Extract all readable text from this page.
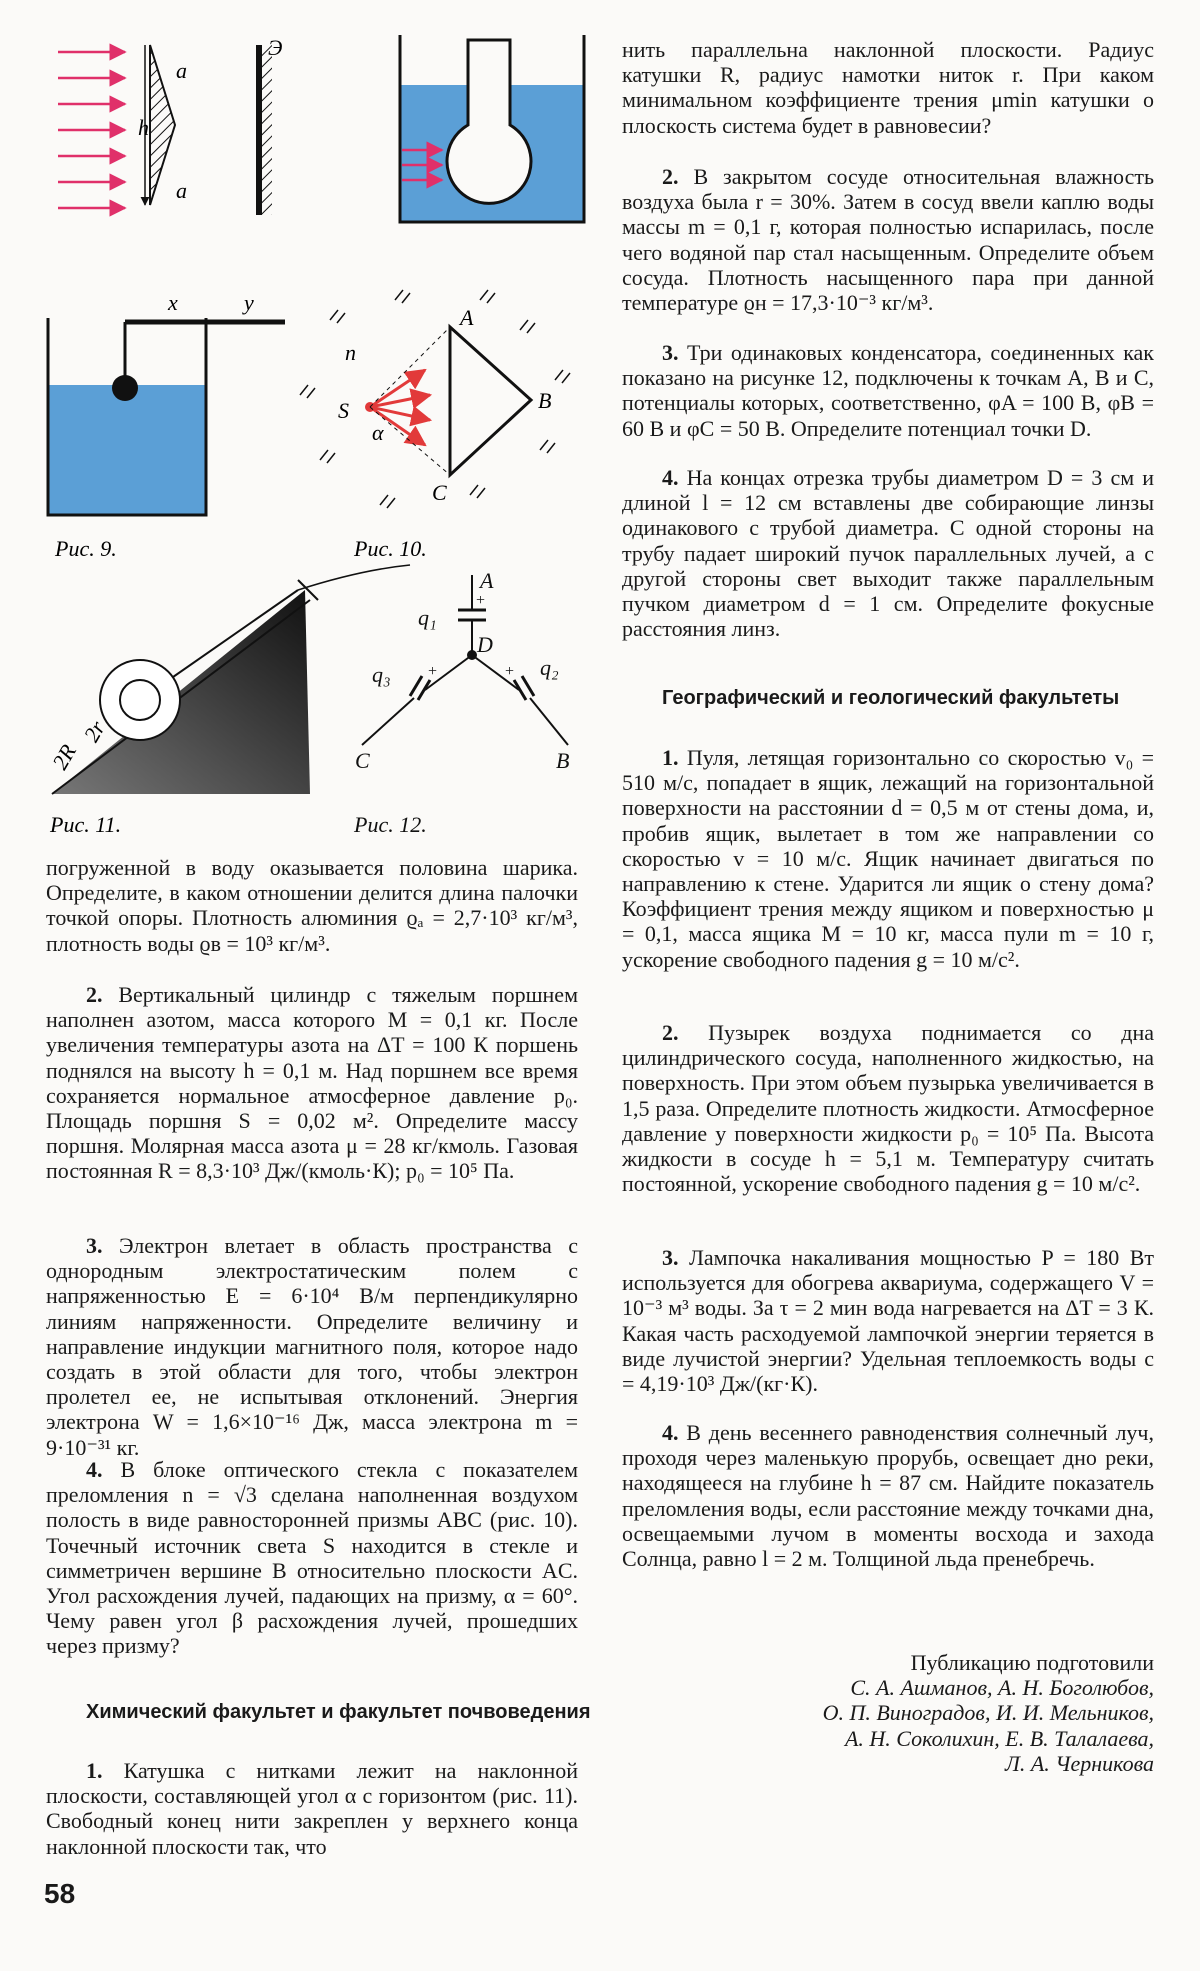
a
h
a
Э
x	y
Рис. 9.
A
B
C
S
α
n
Рис. 10.
2R
2r
Рис. 11.
A
D
C	B
q₁
q₃	q₂
+
+	+
Рис. 12.

погруженной в воду оказывается половина шарика. Определите, в каком отношении делится длина палочки точкой опоры. Плотность алюминия ϱₐ = 2,7·10³ кг/м³, плотность воды ϱв = 10³ кг/м³.

2. Вертикальный цилиндр с тяжелым поршнем наполнен азотом, масса которого M = 0,1 кг. После увеличения температуры азота на ΔT = 100 К поршень поднялся на высоту h = 0,1 м. Над поршнем все время сохраняется нормальное атмосферное давление p₀. Площадь поршня S = 0,02 м². Определите массу поршня. Молярная масса азота μ = 28 кг/кмоль. Газовая постоянная R = 8,3·10³ Дж/(кмоль·К); p₀ = 10⁵ Па.

3. Электрон влетает в область пространства с однородным электростатическим полем с напряженностью E = 6·10⁴ В/м перпендикулярно линиям напряженности. Определите величину и направление индукции магнитного поля, которое надо создать в этой области для того, чтобы электрон пролетел ее, не испытывая отклонений. Энергия электрона W = 1,6×10⁻¹⁶ Дж, масса электрона m = 9·10⁻³¹ кг.

4. В блоке оптического стекла с показателем преломления n = √3 сделана наполненная воздухом полость в виде равносторонней призмы ABC (рис. 10). Точечный источник света S находится в стекле и симметричен вершине B относительно плоскости AC. Угол расхождения лучей, падающих на призму, α = 60°. Чему равен угол β расхождения лучей, прошедших через призму?

Химический факультет и факультет почвоведения

1. Катушка с нитками лежит на наклонной плоскости, составляющей угол α с горизонтом (рис. 11). Свободный конец нити закреплен у верхнего конца наклонной плоскости так, что

нить параллельна наклонной плоскости. Радиус катушки R, радиус намотки ниток r. При каком минимальном коэффициенте трения μmin катушки о плоскость система будет в равновесии?

2. В закрытом сосуде относительная влажность воздуха была r = 30%. Затем в сосуд ввели каплю воды массы m = 0,1 г, которая полностью испарилась, после чего водяной пар стал насыщенным. Определите объем сосуда. Плотность насыщенного пара при данной температуре ϱн = 17,3·10⁻³ кг/м³.

3. Три одинаковых конденсатора, соединенных как показано на рисунке 12, подключены к точкам A, B и C, потенциалы которых, соответственно, φA = 100 В, φB = 60 В и φC = 50 В. Определите потенциал точки D.

4. На концах отрезка трубы диаметром D = 3 см и длиной l = 12 см вставлены две собирающие линзы одинакового с трубой диаметра. С одной стороны на трубу падает широкий пучок параллельных лучей, а с другой стороны свет выходит также параллельным пучком диаметром d = 1 см. Определите фокусные расстояния линз.

Географический и геологический факультеты

1. Пуля, летящая горизонтально со скоростью v₀ = 510 м/с, попадает в ящик, лежащий на горизонтальной поверхности на расстоянии d = 0,5 м от стены дома, и, пробив ящик, вылетает в том же направлении со скоростью v = 10 м/с. Ящик начинает двигаться по направлению к стене. Ударится ли ящик о стену дома? Коэффициент трения между ящиком и поверхностью μ = 0,1, масса ящика M = 10 кг, масса пули m = 10 г, ускорение свободного падения g = 10 м/с².

2. Пузырек воздуха поднимается со дна цилиндрического сосуда, наполненного жидкостью, на поверхность. При этом объем пузырька увеличивается в 1,5 раза. Определите плотность жидкости. Атмосферное давление у поверхности жидкости p₀ = 10⁵ Па. Высота жидкости в сосуде h = 5,1 м. Температуру считать постоянной, ускорение свободного падения g = 10 м/с².

3. Лампочка накаливания мощностью P = 180 Вт используется для обогрева аквариума, содержащего V = 10⁻³ м³ воды. За τ = 2 мин вода нагревается на ΔT = 3 К. Какая часть расходуемой лампочкой энергии теряется в виде лучистой энергии? Удельная теплоемкость воды c = 4,19·10³ Дж/(кг·К).

4. В день весеннего равноденствия солнечный луч, проходя через маленькую прорубь, освещает дно реки, находящееся на глубине h = 87 см. Найдите показатель преломления воды, если расстояние между точками дна, освещаемыми лучом в моменты восхода и захода Солнца, равно l = 2 м. Толщиной льда пренебречь.

Публикацию подготовили
С. А. Ашманов, А. Н. Боголюбов,
О. П. Виноградов, И. И. Мельников,
А. Н. Соколихин, Е. В. Талалаева,
Л. А. Черникова
58
